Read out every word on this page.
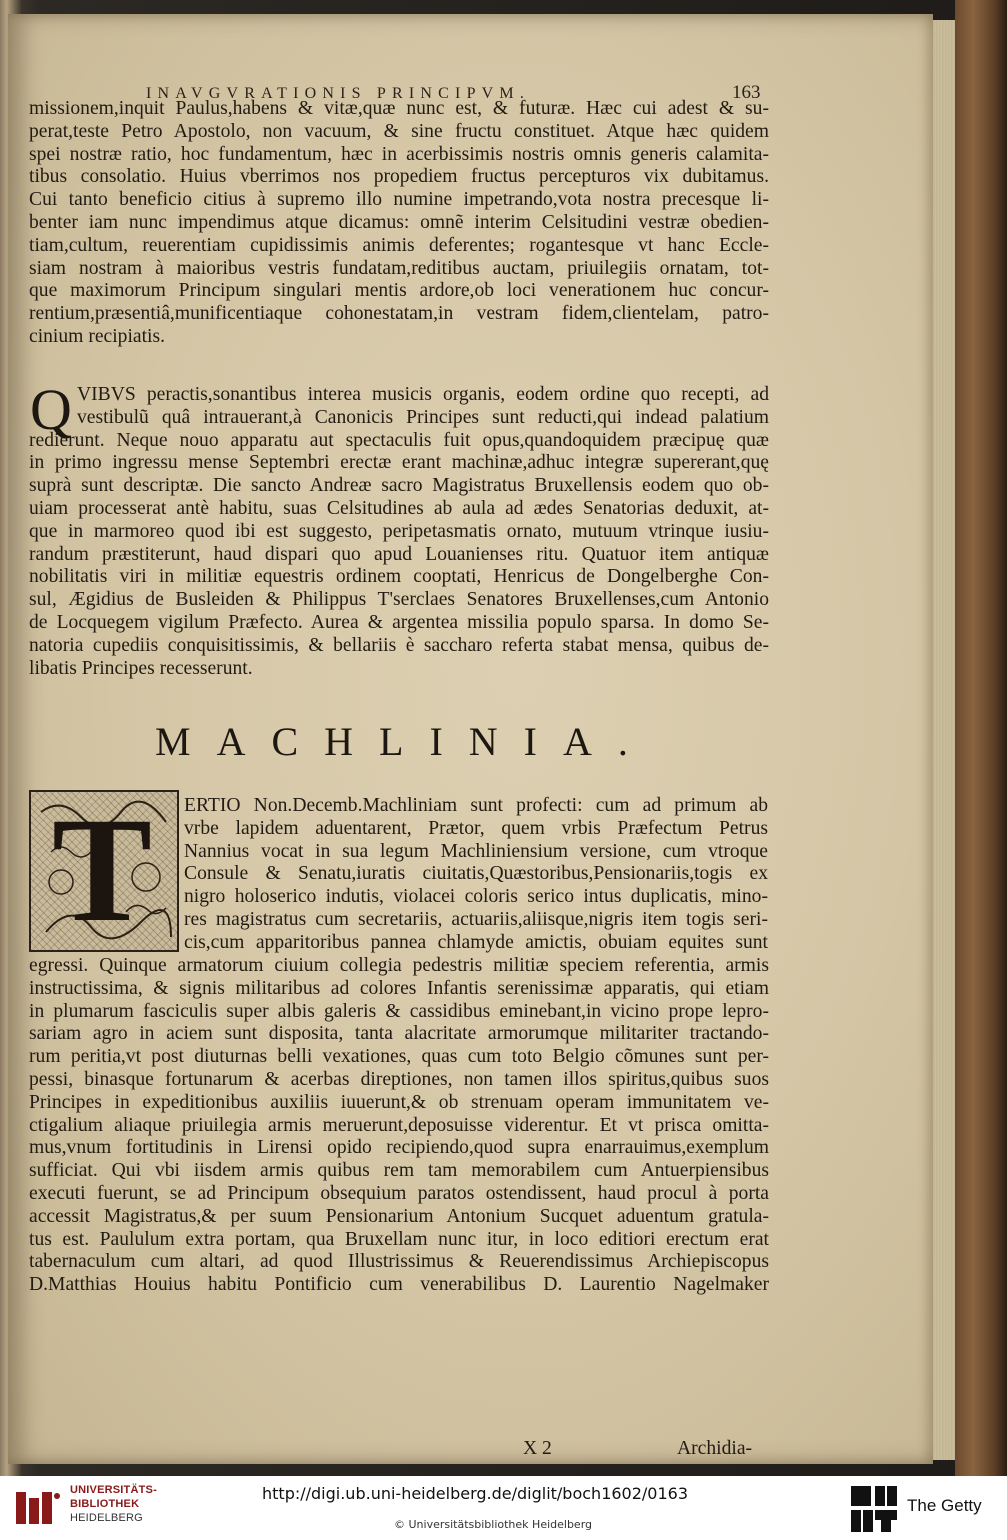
INAVGVRATIONIS PRINCIPVM.	163
missionem,inquit Paulus,habens & vitæ,quæ nunc est, & futuræ. Hæc cui adest & su-
perat,teste Petro Apostolo, non vacuum, & sine fructu constituet. Atque hæc quidem
spei nostræ ratio, hoc fundamentum, hæc in acerbissimis nostris omnis generis calamita-
tibus consolatio. Huius vberrimos nos propediem fructus percepturos vix dubitamus.
Cui tanto beneficio citius à supremo illo numine impetrando,vota nostra precesque li-
benter iam nunc impendimus atque dicamus: omnẽ interim Celsitudini vestræ obedien-
tiam,cultum, reuerentiam cupidissimis animis deferentes; rogantesque vt hanc Eccle-
siam nostram à maioribus vestris fundatam,reditibus auctam, priuilegiis ornatam, tot-
que maximorum Principum singulari mentis ardore,ob loci venerationem huc concur-
rentium,præsentiâ,munificentiaque cohonestatam,in vestram fidem,clientelam, patro-
cinium recipiatis.
Q VIBVS peractis,sonantibus interea musicis organis, eodem ordine quo recepti, ad
vestibulũ quâ intrauerant,à Canonicis Principes sunt reducti,qui indead palatium
redierunt. Neque nouo apparatu aut spectaculis fuit opus,quandoquidem præcipuę quæ
in primo ingressu mense Septembri erectæ erant machinæ,adhuc integræ supererant,quę
suprà sunt descriptæ. Die sancto Andreæ sacro Magistratus Bruxellensis eodem quo ob-
uiam processerat antè habitu, suas Celsitudines ab aula ad ædes Senatorias deduxit, at-
que in marmoreo quod ibi est suggesto, peripetasmatis ornato, mutuum vtrinque iusiu-
randum præstiterunt, haud dispari quo apud Louanienses ritu. Quatuor item antiquæ
nobilitatis viri in militiæ equestris ordinem cooptati, Henricus de Dongelberghe Con-
sul, Ægidius de Busleiden & Philippus T'serclaes Senatores Bruxellenses,cum Antonio
de Locquegem vigilum Præfecto. Aurea & argentea missilia populo sparsa. In domo Se-
natoria cupediis conquisitissimis, & bellariis è saccharo referta stabat mensa, quibus de-
libatis Principes recesserunt.
MACHLINIA.
T ERTIO Non.Decemb.Machliniam sunt profecti: cum ad primum ab
vrbe lapidem aduentarent, Prætor, quem vrbis Præfectum Petrus
Nannius vocat in sua legum Machliniensium versione, cum vtroque
Consule & Senatu,iuratis ciuitatis,Quæstoribus,Pensionariis,togis ex
nigro holoserico indutis, violacei coloris serico intus duplicatis, mino-
res magistratus cum secretariis, actuariis,aliisque,nigris item togis seri-
cis,cum apparitoribus pannea chlamyde amictis, obuiam equites sunt
egressi. Quinque armatorum ciuium collegia pedestris militiæ speciem referentia, armis
instructissima, & signis militaribus ad colores Infantis serenissimæ apparatis, qui etiam
in plumarum fasciculis super albis galeris & cassidibus eminebant,in vicino prope lepro-
sariam agro in aciem sunt disposita, tanta alacritate armorumque militariter tractando-
rum peritia,vt post diuturnas belli vexationes, quas cum toto Belgio cõmunes sunt per-
pessi, binasque fortunarum & acerbas direptiones, non tamen illos spiritus,quibus suos
Principes in expeditionibus auxiliis iuuerunt,& ob strenuam operam immunitatem ve-
ctigalium aliaque priuilegia armis meruerunt,deposuisse viderentur. Et vt prisca omitta-
mus,vnum fortitudinis in Lirensi opido recipiendo,quod supra enarrauimus,exemplum
sufficiat. Qui vbi iisdem armis quibus rem tam memorabilem cum Antuerpiensibus
executi fuerunt, se ad Principum obsequium paratos ostendissent, haud procul à porta
accessit Magistratus,& per suum Pensionarium Antonium Sucquet aduentum gratula-
tus est. Paululum extra portam, qua Bruxellam nunc itur, in loco editiori erectum erat
tabernaculum cum altari, ad quod Illustrissimus & Reuerendissimus Archiepiscopus
D.Matthias Houius habitu Pontificio cum venerabilibus D. Laurentio Nagelmaker
X 2	Archidia-
UNIVERSITÄTS-
BIBLIOTHEK
HEIDELBERG
http://digi.ub.uni-heidelberg.de/diglit/boch1602/0163
© Universitätsbibliothek Heidelberg
The Getty
